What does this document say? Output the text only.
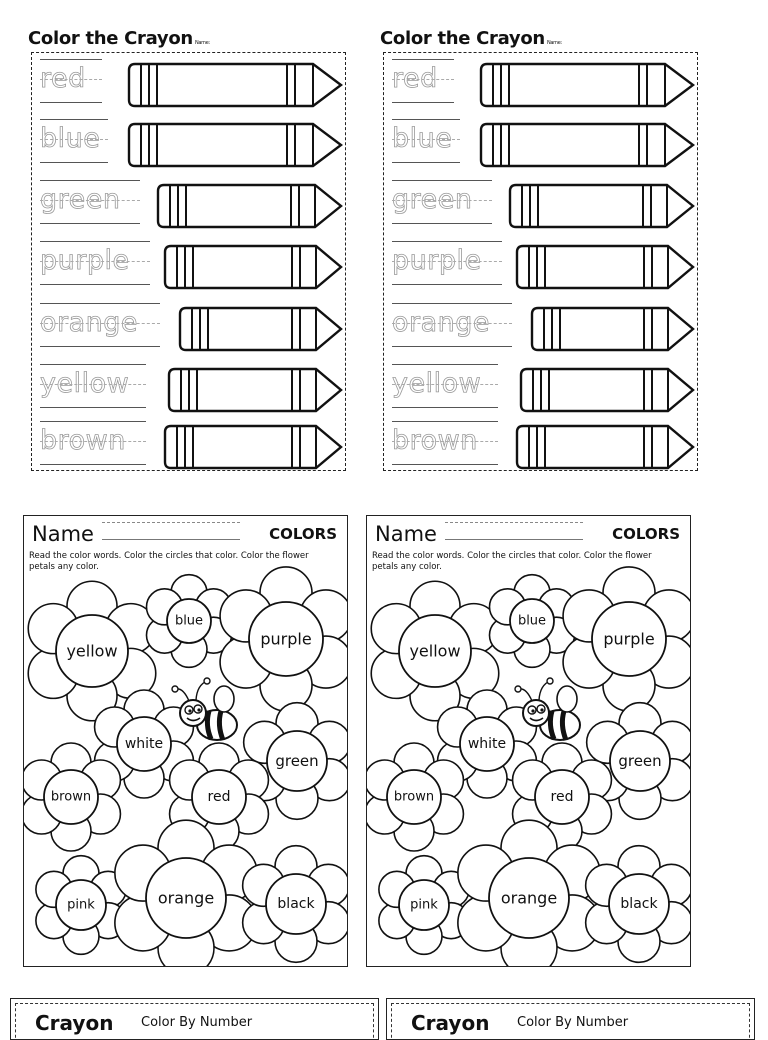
Color the Crayon Name:
red
blue
green
purple
orange
yellow
brown
Color the Crayon Name:
red
blue
green
purple
orange
yellow
brown
Name	COLORS
Read the color words. Color the circles that color. Color the flower petals any color.
yellow
blue
purple
white
green
brown	red
pink	orange	black
Name	COLORS
Read the color words. Color the circles that color. Color the flower petals any color.
yellow
blue
purple
white
green
brown	red
pink	orange	black
Crayon Color By Number	Crayon Color By Number
